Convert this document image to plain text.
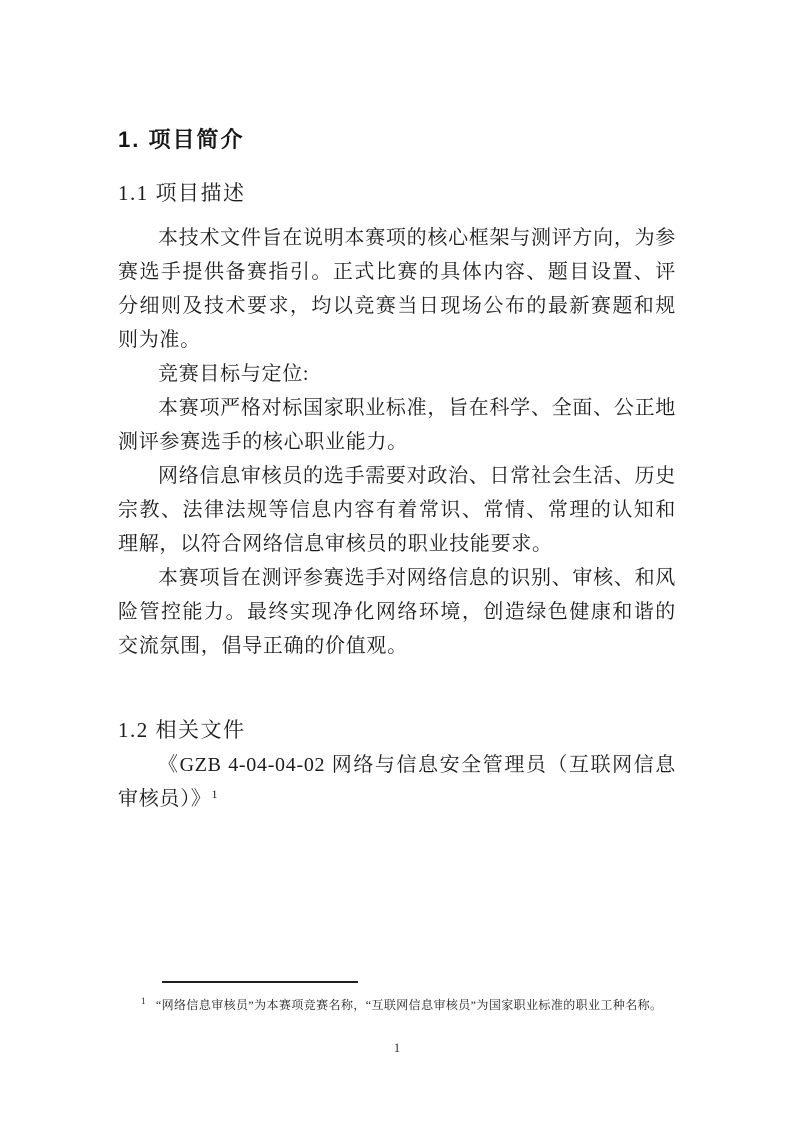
1. 项目简介
1.1 项目描述

本技术文件旨在说明本赛项的核心框架与测评方向，为参赛选手提供备赛指引。正式比赛的具体内容、题目设置、评分细则及技术要求，均以竞赛当日现场公布的最新赛题和规则为准。

竞赛目标与定位:

本赛项严格对标国家职业标准，旨在科学、全面、公正地测评参赛选手的核心职业能力。

网络信息审核员的选手需要对政治、日常社会生活、历史宗教、法律法规等信息内容有着常识、常情、常理的认知和理解，以符合网络信息审核员的职业技能要求。

本赛项旨在测评参赛选手对网络信息的识别、审核、和风险管控能力。最终实现净化网络环境，创造绿色健康和谐的交流氛围，倡导正确的价值观。

1.2 相关文件

《GZB 4-04-04-02 网络与信息安全管理员（互联网信息审核员）》$^1$

$^1$ “网络信息审核员”为本赛项竞赛名称，“互联网信息审核员”为国家职业标准的职业工种名称。
1
